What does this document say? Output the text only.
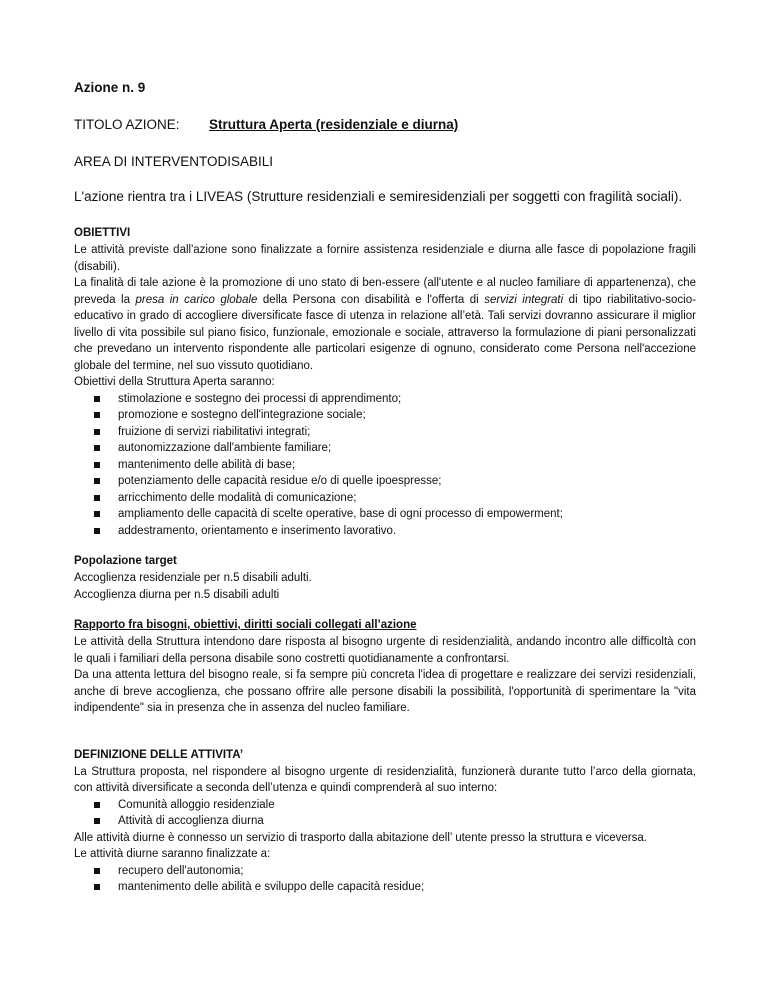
Azione n. 9
TITOLO AZIONE:	Struttura Aperta (residenziale e diurna)
AREA DI INTERVENTODISABILI
L'azione rientra tra i LIVEAS (Strutture residenziali e semiresidenziali per soggetti con fragilità sociali).
OBIETTIVI
Le attività previste dall'azione sono finalizzate a fornire assistenza residenziale e diurna alle fasce di popolazione fragili (disabili).
La finalità di tale azione è la promozione di uno stato di ben-essere (all'utente e al nucleo familiare di appartenenza), che preveda la presa in carico globale della Persona con disabilità e l'offerta di servizi integrati di tipo riabilitativo-socio-educativo in grado di accogliere diversificate fasce di utenza in relazione all’età. Tali servizi dovranno assicurare il miglior livello di vita possibile sul piano fisico, funzionale, emozionale e sociale, attraverso la formulazione di piani personalizzati che prevedano un intervento rispondente alle particolari esigenze di ognuno, considerato come Persona nell'accezione globale del termine, nel suo vissuto quotidiano.
Obiettivi della Struttura Aperta saranno:
stimolazione e sostegno dei processi di apprendimento;
promozione e sostegno dell'integrazione sociale;
fruizione di servizi riabilitativi integrati;
autonomizzazione dall'ambiente familiare;
mantenimento delle abilità di base;
potenziamento delle capacità residue e/o di quelle ipoespresse;
arricchimento delle modalità di comunicazione;
ampliamento delle capacità di scelte operative, base di ogni processo di empowerment;
addestramento, orientamento e inserimento lavorativo.
Popolazione target
Accoglienza residenziale per n.5 disabili adulti.
Accoglienza diurna per n.5 disabili adulti
Rapporto fra bisogni, obiettivi, diritti sociali collegati all’azione
Le attività della Struttura intendono dare risposta al bisogno urgente di residenzialità, andando incontro alle difficoltà con le quali i familiari della persona disabile sono costretti quotidianamente a confrontarsi.
Da una attenta lettura del bisogno reale, si fa sempre più concreta l'idea di progettare e realizzare dei servizi residenziali, anche di breve accoglienza, che possano offrire alle persone disabili la possibilità, l'opportunità di sperimentare la "vita indipendente" sia in presenza che in assenza del nucleo familiare.
DEFINIZIONE DELLE ATTIVITA’
La Struttura proposta, nel rispondere al bisogno urgente di residenzialità, funzionerà durante tutto l’arco della giornata, con attività diversificate a seconda dell’utenza e quindi comprenderà al suo interno:
Comunità alloggio residenziale
Attività di accoglienza diurna
Alle attività diurne è connesso un servizio di trasporto dalla abitazione dell’ utente presso la struttura e viceversa.
Le attività diurne saranno finalizzate a:
recupero dell'autonomia;
mantenimento delle abilità e sviluppo delle capacità residue;
